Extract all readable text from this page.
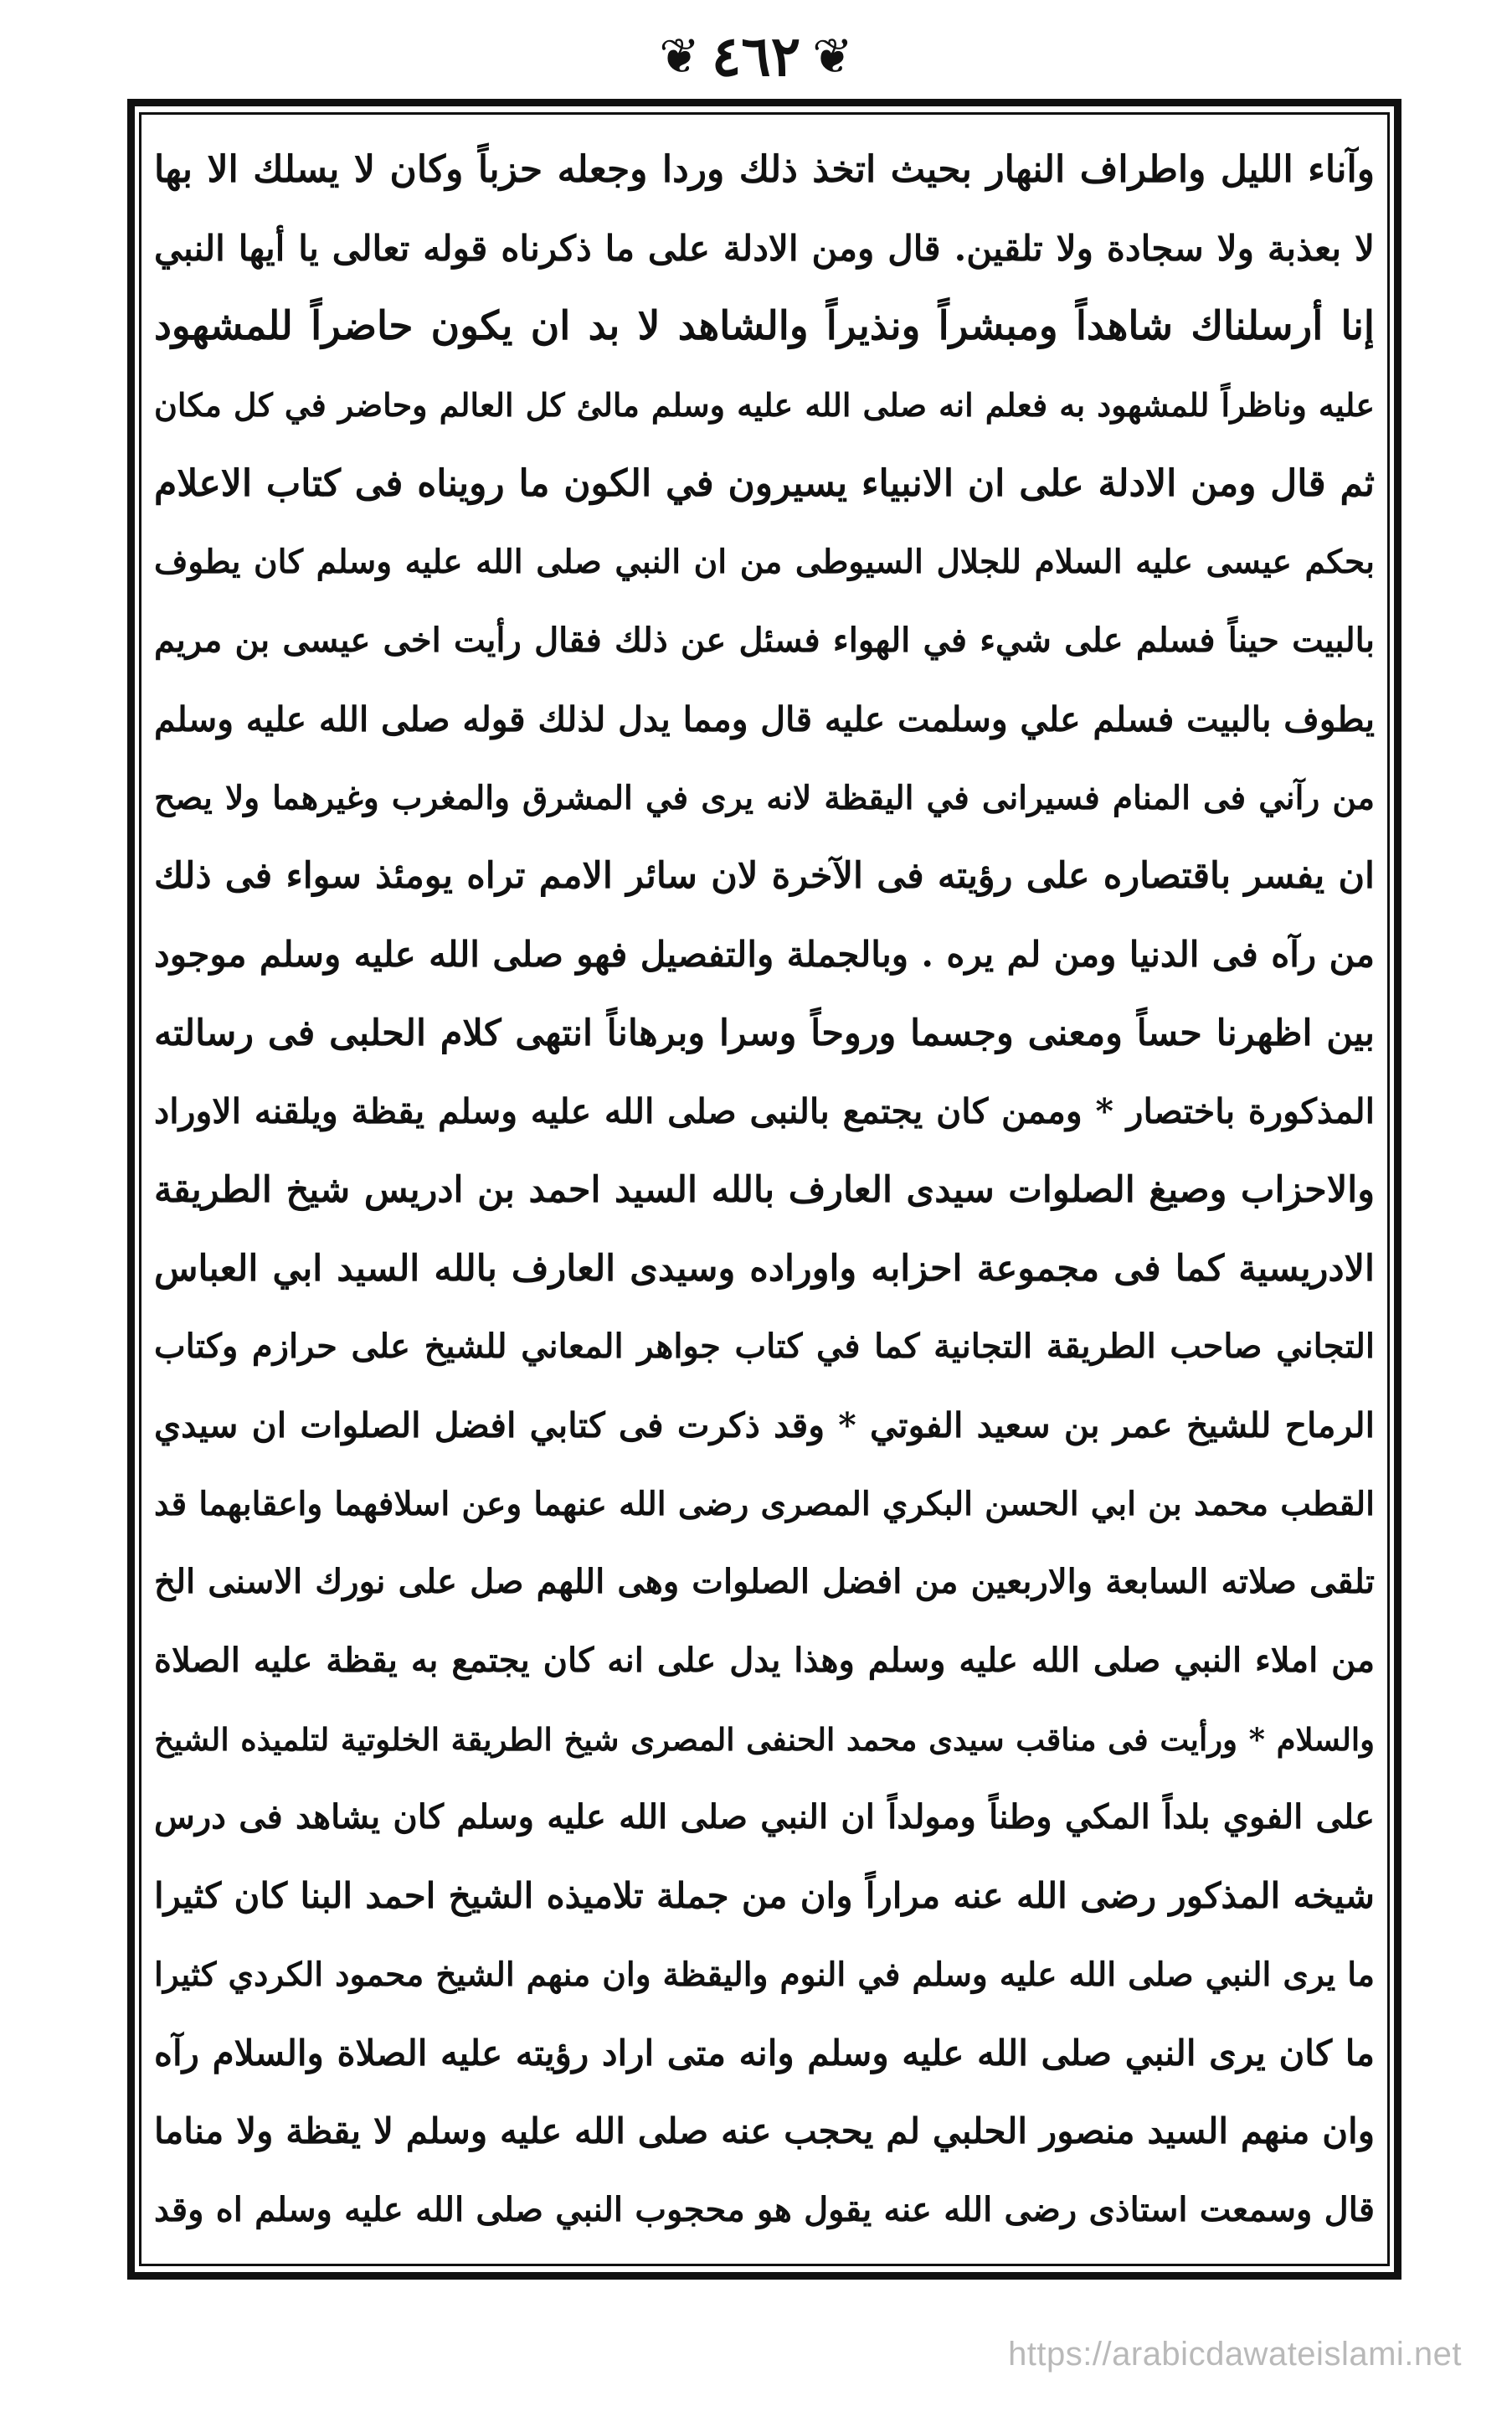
❦ ٤٦٢ ❦
وآناء الليل واطراف النهار بحيث اتخذ ذلك وردا وجعله حزباً وكان لا يسلك الا بها
لا بعذبة ولا سجادة ولا تلقين. قال ومن الادلة على ما ذكرناه قوله تعالى يا أيها النبي
إنا أرسلناك شاهداً ومبشراً ونذيراً والشاهد لا بد ان يكون حاضراً للمشهود
عليه وناظراً للمشهود به فعلم انه صلى الله عليه وسلم مالئ كل العالم وحاضر في كل مكان
ثم قال ومن الادلة على ان الانبياء يسيرون في الكون ما رويناه فى كتاب الاعلام
بحكم عيسى عليه السلام للجلال السيوطى من ان النبي صلى الله عليه وسلم كان يطوف
بالبيت حيناً فسلم على شيء في الهواء فسئل عن ذلك فقال رأيت اخى عيسى بن مريم
يطوف بالبيت فسلم علي وسلمت عليه قال ومما يدل لذلك قوله صلى الله عليه وسلم
من رآني فى المنام فسيرانى في اليقظة لانه يرى في المشرق والمغرب وغيرهما ولا يصح
ان يفسر باقتصاره على رؤيته فى الآخرة لان سائر الامم تراه يومئذ سواء فى ذلك
من رآه فى الدنيا ومن لم يره . وبالجملة والتفصيل فهو صلى الله عليه وسلم موجود
بين اظهرنا حساً ومعنى وجسما وروحاً وسرا وبرهاناً انتهى كلام الحلبى فى رسالته
المذكورة باختصار * وممن كان يجتمع بالنبى صلى الله عليه وسلم يقظة ويلقنه الاوراد
والاحزاب وصيغ الصلوات سيدى العارف بالله السيد احمد بن ادريس شيخ الطريقة
الادريسية كما فى مجموعة احزابه واوراده وسيدى العارف بالله السيد ابي العباس
التجاني صاحب الطريقة التجانية كما في كتاب جواهر المعاني للشيخ على حرازم وكتاب
الرماح للشيخ عمر بن سعيد الفوتي * وقد ذكرت فى كتابي افضل الصلوات ان سيدي
القطب محمد بن ابي الحسن البكري المصرى رضى الله عنهما وعن اسلافهما واعقابهما قد
تلقى صلاته السابعة والاربعين من افضل الصلوات وهى اللهم صل على نورك الاسنى الخ
من املاء النبي صلى الله عليه وسلم وهذا يدل على انه كان يجتمع به يقظة عليه الصلاة
والسلام * ورأيت فى مناقب سيدى محمد الحنفى المصرى شيخ الطريقة الخلوتية لتلميذه الشيخ
على الفوي بلداً المكي وطناً ومولداً ان النبي صلى الله عليه وسلم كان يشاهد فى درس
شيخه المذكور رضى الله عنه مراراً وان من جملة تلاميذه الشيخ احمد البنا كان كثيرا
ما يرى النبي صلى الله عليه وسلم في النوم واليقظة وان منهم الشيخ محمود الكردي كثيرا
ما كان يرى النبي صلى الله عليه وسلم وانه متى اراد رؤيته عليه الصلاة والسلام رآه
وان منهم السيد منصور الحلبي لم يحجب عنه صلى الله عليه وسلم لا يقظة ولا مناما
قال وسمعت استاذى رضى الله عنه يقول هو محجوب النبي صلى الله عليه وسلم اه وقد
https://arabicdawateislami.net
